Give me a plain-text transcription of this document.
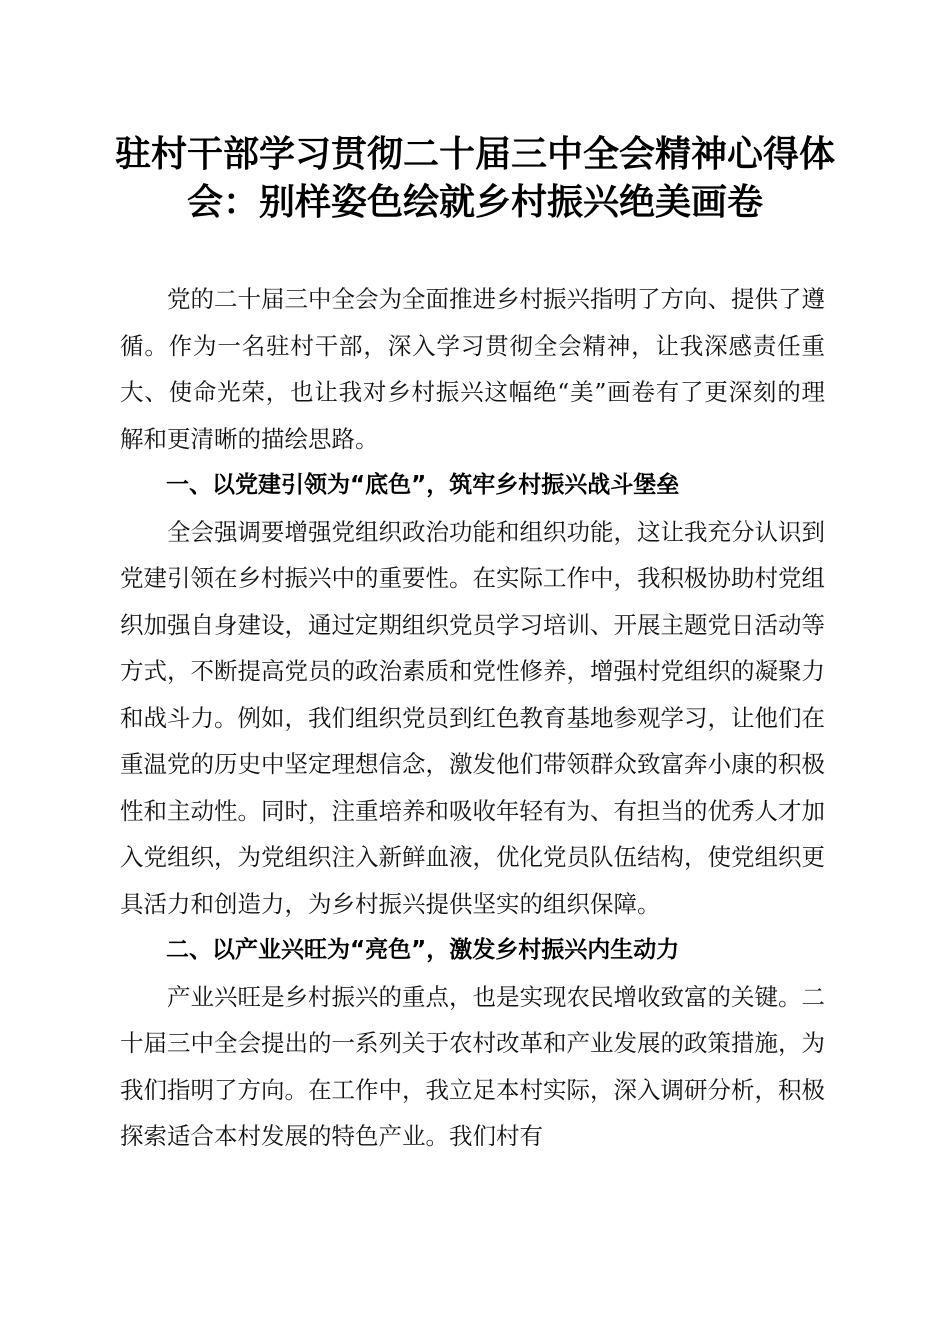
驻村干部学习贯彻二十届三中全会精神心得体会：别样姿色绘就乡村振兴绝美画卷

党的二十届三中全会为全面推进乡村振兴指明了方向、提供了遵循。作为一名驻村干部，深入学习贯彻全会精神，让我深感责任重大、使命光荣，也让我对乡村振兴这幅绝“美”画卷有了更深刻的理解和更清晰的描绘思路。

一、以党建引领为“底色”，筑牢乡村振兴战斗堡垒

全会强调要增强党组织政治功能和组织功能，这让我充分认识到党建引领在乡村振兴中的重要性。在实际工作中，我积极协助村党组织加强自身建设，通过定期组织党员学习培训、开展主题党日活动等方式，不断提高党员的政治素质和党性修养，增强村党组织的凝聚力和战斗力。例如，我们组织党员到红色教育基地参观学习，让他们在重温党的历史中坚定理想信念，激发他们带领群众致富奔小康的积极性和主动性。同时，注重培养和吸收年轻有为、有担当的优秀人才加入党组织，为党组织注入新鲜血液，优化党员队伍结构，使党组织更具活力和创造力，为乡村振兴提供坚实的组织保障。

二、以产业兴旺为“亮色”，激发乡村振兴内生动力

产业兴旺是乡村振兴的重点，也是实现农民增收致富的关键。二十届三中全会提出的一系列关于农村改革和产业发展的政策措施，为我们指明了方向。在工作中，我立足本村实际，深入调研分析，积极探索适合本村发展的特色产业。我们村有
